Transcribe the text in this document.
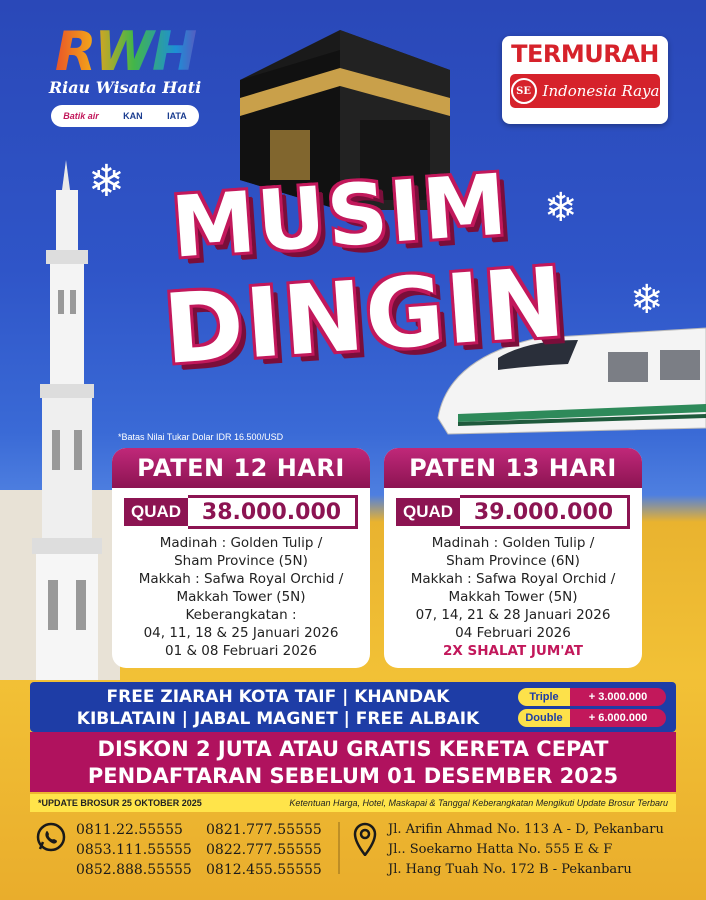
RWH
Riau Wisata Hati
Batik air	KAN	IATA
TERMURAH
SE Indonesia Raya
❄
❄
❄
MUSIM
DINGIN
*Batas Nilai Tukar Dolar IDR 16.500/USD
PATEN 12 HARI
QUAD 38.000.000
Madinah : Golden Tulip /
Sham Province (5N)
Makkah : Safwa Royal Orchid /
Makkah Tower (5N)
Keberangkatan :
04, 11, 18 & 25 Januari 2026
01 & 08 Februari 2026
PATEN 13 HARI
QUAD 39.000.000
Madinah : Golden Tulip /
Sham Province (6N)
Makkah : Safwa Royal Orchid /
Makkah Tower (5N)
07, 14, 21 & 28 Januari 2026
04 Februari 2026
2X SHALAT JUM'AT
FREE ZIARAH KOTA TAIF | KHANDAK
KIBLATAIN | JABAL MAGNET | FREE ALBAIK
Triple	+ 3.000.000
Double	+ 6.000.000
DISKON 2 JUTA ATAU GRATIS KERETA CEPAT
PENDAFTARAN SEBELUM 01 DESEMBER 2025
*UPDATE BROSUR 25 OKTOBER 2025	Ketentuan Harga, Hotel, Maskapai & Tanggal Keberangkatan Mengikuti Update Brosur Terbaru
0811.22.55555	0821.777.55555
0853.111.55555	0822.777.55555
0852.888.55555	0812.455.55555
Jl. Arifin Ahmad No. 113 A - D, Pekanbaru
Jl.. Soekarno Hatta No. 555 E & F
Jl. Hang Tuah No. 172 B - Pekanbaru
